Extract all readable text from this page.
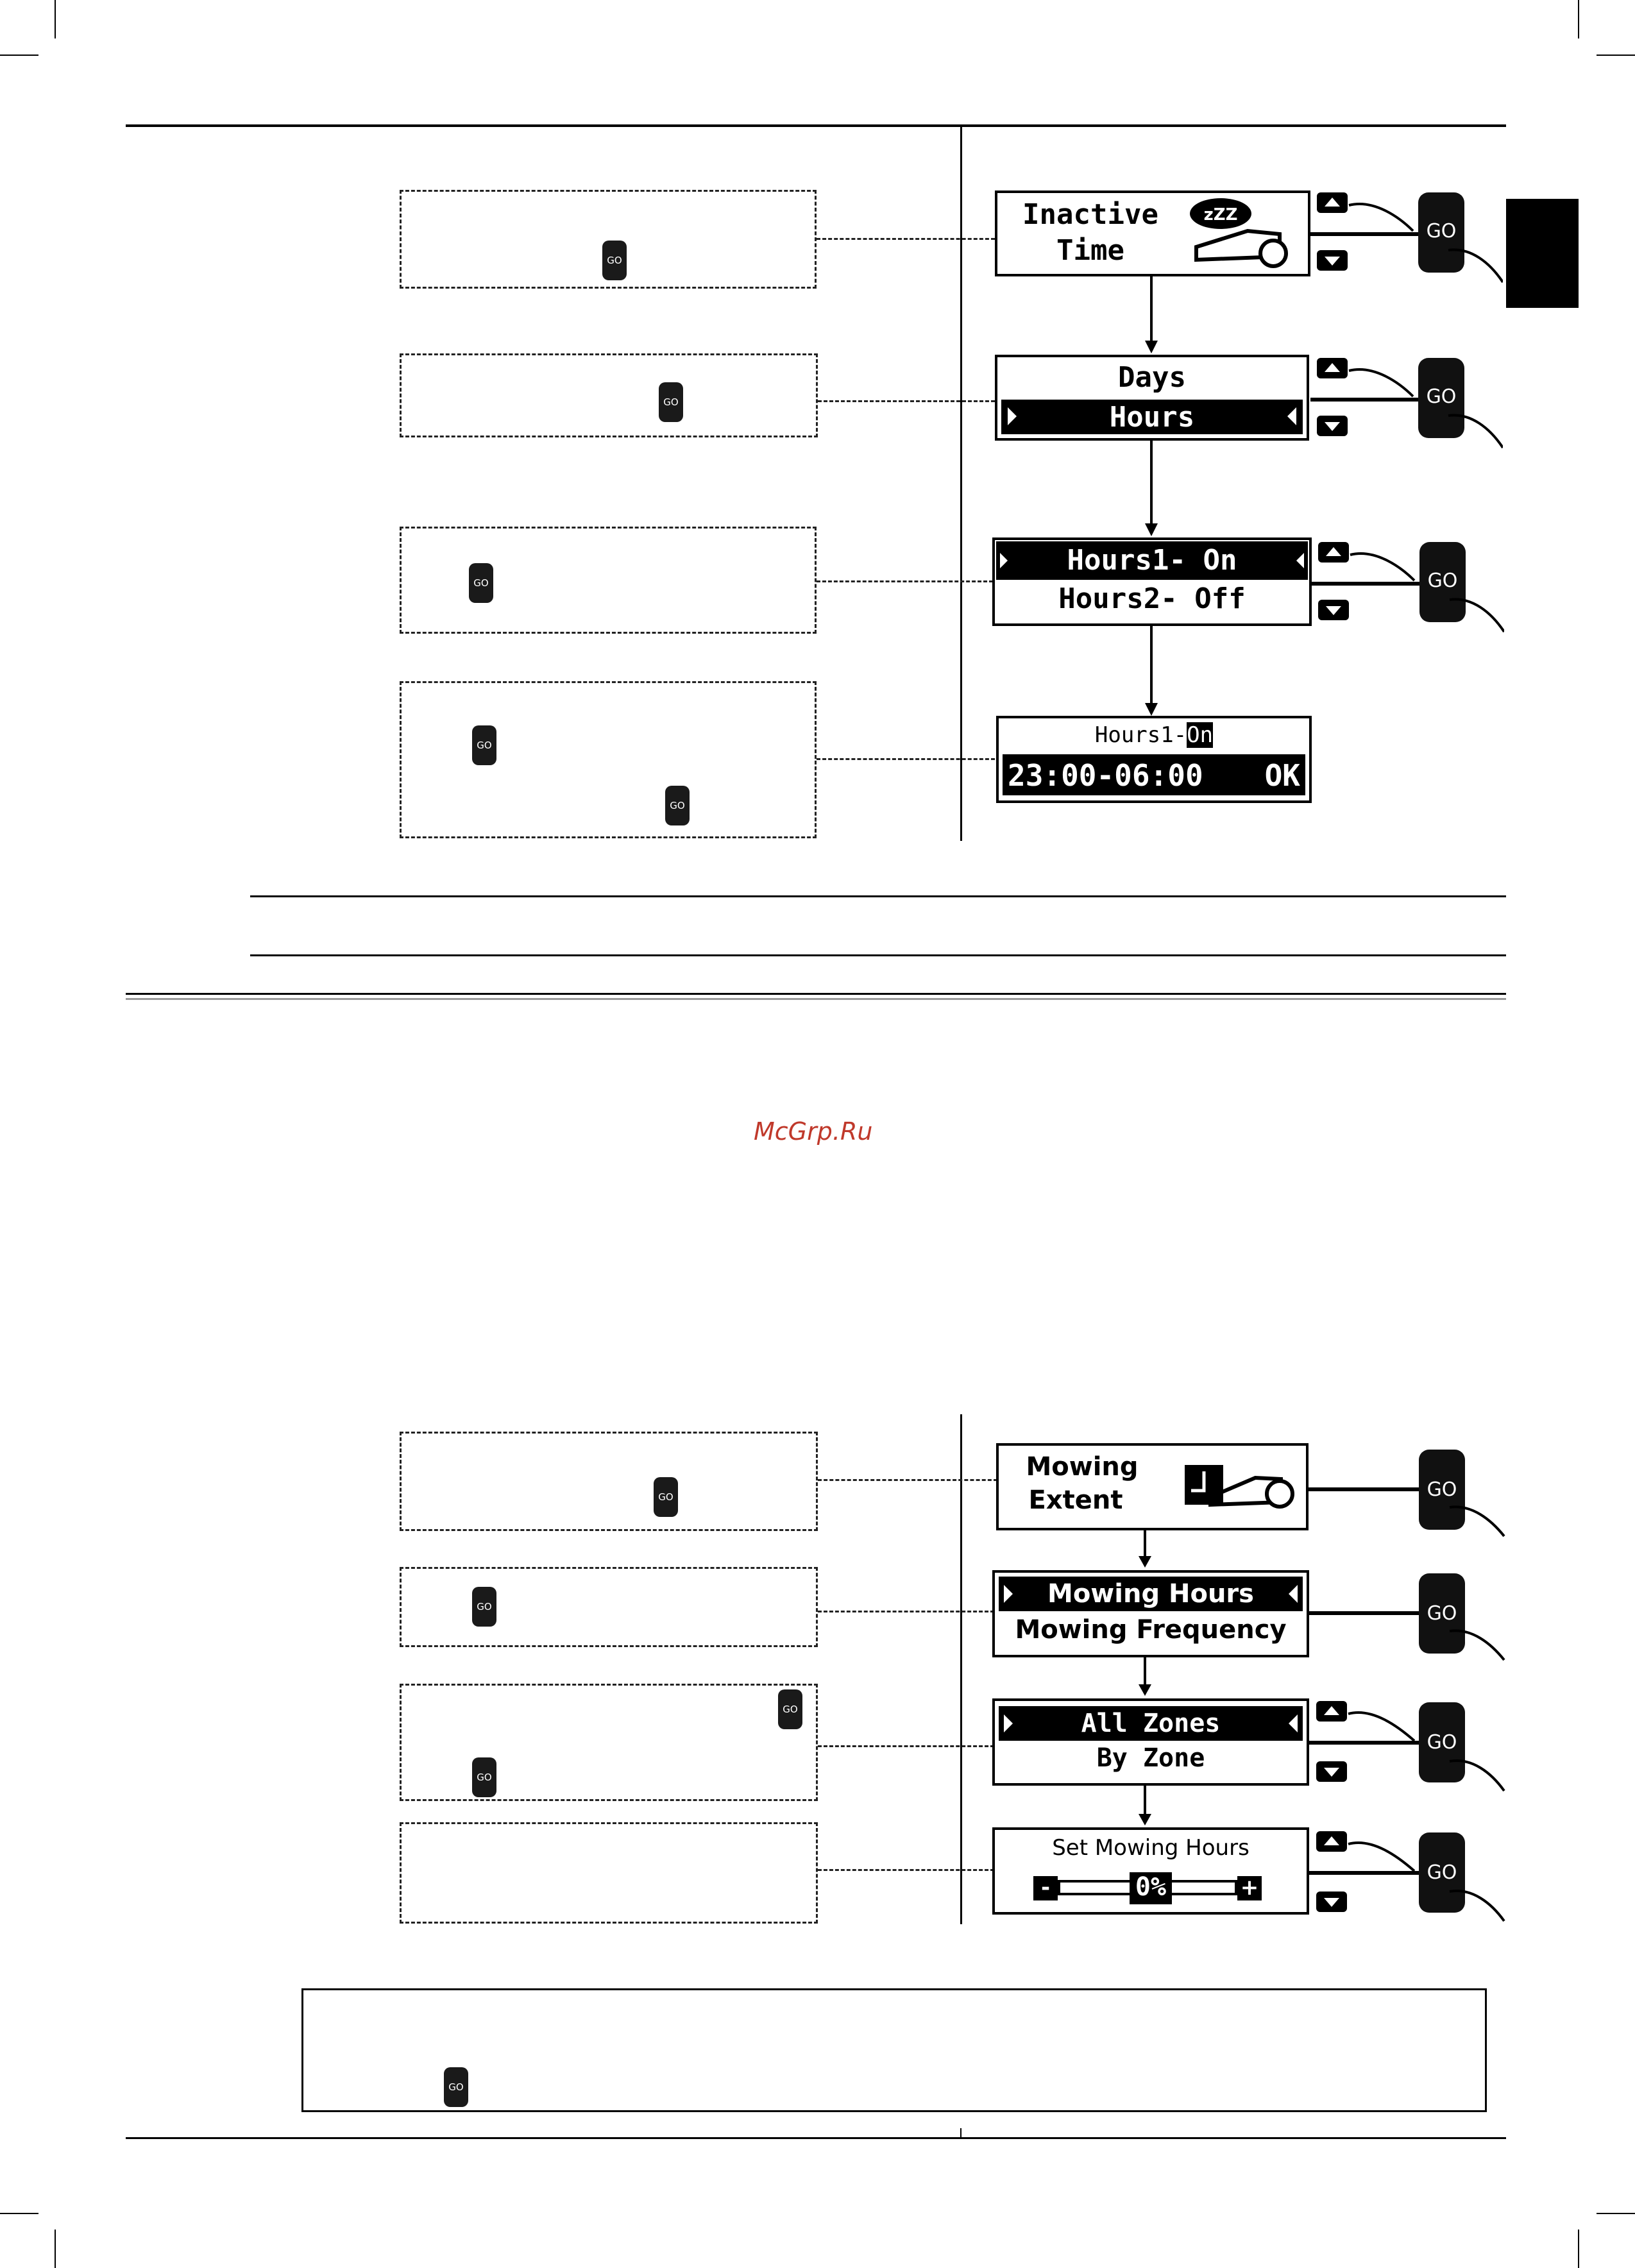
GO
GO
GO
GO
GO
Inactive
Time
zZZ
Days
Hours
Hours1- On
Hours2- Off
Hours1-On
23:00-06:00 OK
GO
GO
GO
McGrp.Ru
GO
GO
GO
GO
Mowing
Extent
Mowing Hours
Mowing Frequency
All Zones
By Zone
Set Mowing Hours
-	0%	+
GO
GO
GO
GO
GO
